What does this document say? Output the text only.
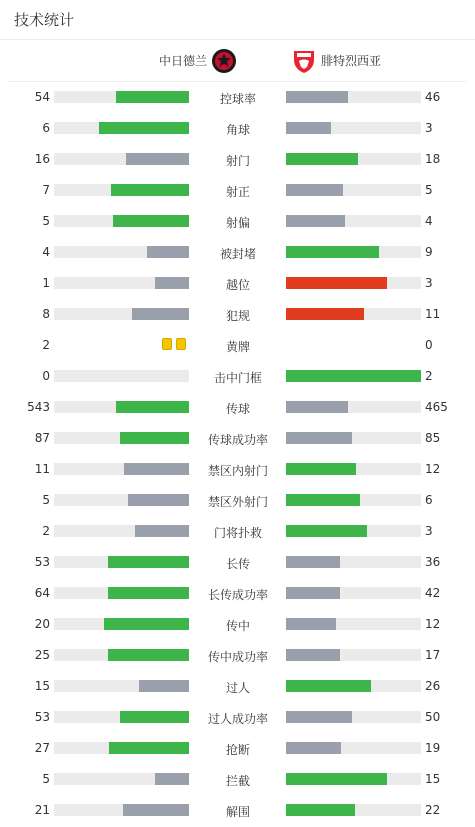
技术统计
中日德兰	腓特烈西亚
54	控球率	46
6	角球	3
16	射门	18
7	射正	5
5	射偏	4
4	被封堵	9
1	越位	3
8	犯规	11
2	黄牌	0
0	击中门框	2
543	传球	465
87	传球成功率	85
11	禁区内射门	12
5	禁区外射门	6
2	门将扑救	3
53	长传	36
64	长传成功率	42
20	传中	12
25	传中成功率	17
15	过人	26
53	过人成功率	50
27	抢断	19
5	拦截	15
21	解围	22
